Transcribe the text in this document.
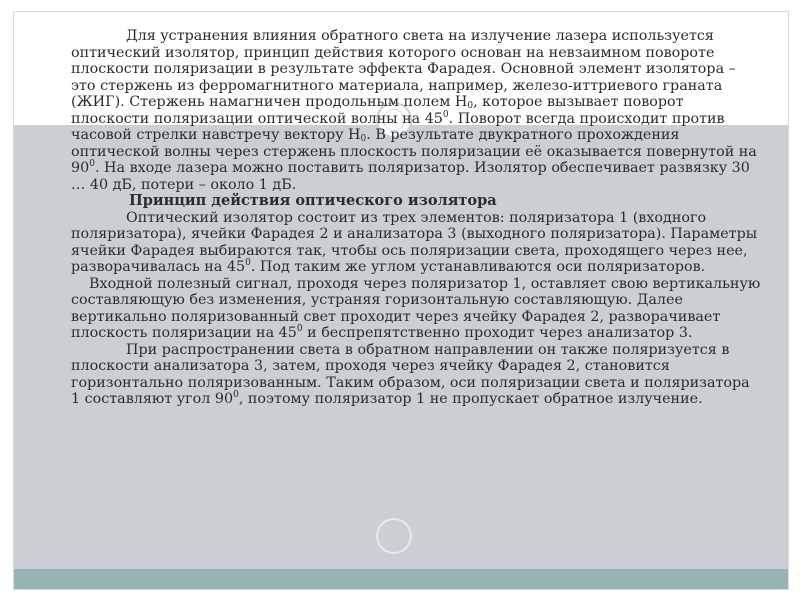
Для устранения влияния обратного света на излучение лазера используется оптический изолятор, принцип действия которого основан на невзаимном повороте плоскости поляризации в результате эффекта Фарадея. Основной элемент изолятора – это стержень из ферромагнитного материала, например, железо-иттриевого граната (ЖИГ). Стержень намагничен продольным полем $Н_0$, которое вызывает поворот плоскости поляризации оптической волны на $45^0$. Поворот всегда происходит против часовой стрелки навстречу вектору $Н_0$. В результате двукратного прохождения оптической волны через стержень плоскость поляризации её оказывается повернутой на $90^0$. На входе лазера можно поставить поляризатор. Изолятор обеспечивает развязку 30 … 40 дБ, потери – около 1 дБ.

Принцип действия оптического изолятора

Оптический изолятор состоит из трех элементов: поляризатора 1 (входного поляризатора), ячейки Фарадея 2 и анализатора 3 (выходного поляризатора). Параметры ячейки Фарадея выбираются так, чтобы ось поляризации света, проходящего через нее, разворачивалась на $45^0$. Под таким же углом устанавливаются оси поляризаторов.

Входной полезный сигнал, проходя через поляризатор 1, оставляет свою вертикальную составляющую без изменения, устраняя горизонтальную составляющую. Далее вертикально поляризованный свет проходит через ячейку Фарадея 2, разворачивает плоскость поляризации на $45^0$ и беспрепятственно проходит через анализатор 3.

При распространении света в обратном направлении он также поляризуется в плоскости анализатора 3, затем, проходя через ячейку Фарадея 2, становится горизонтально поляризованным. Таким образом, оси поляризации света и поляризатора 1 составляют угол $90^0$, поэтому поляризатор 1 не пропускает обратное излучение.
